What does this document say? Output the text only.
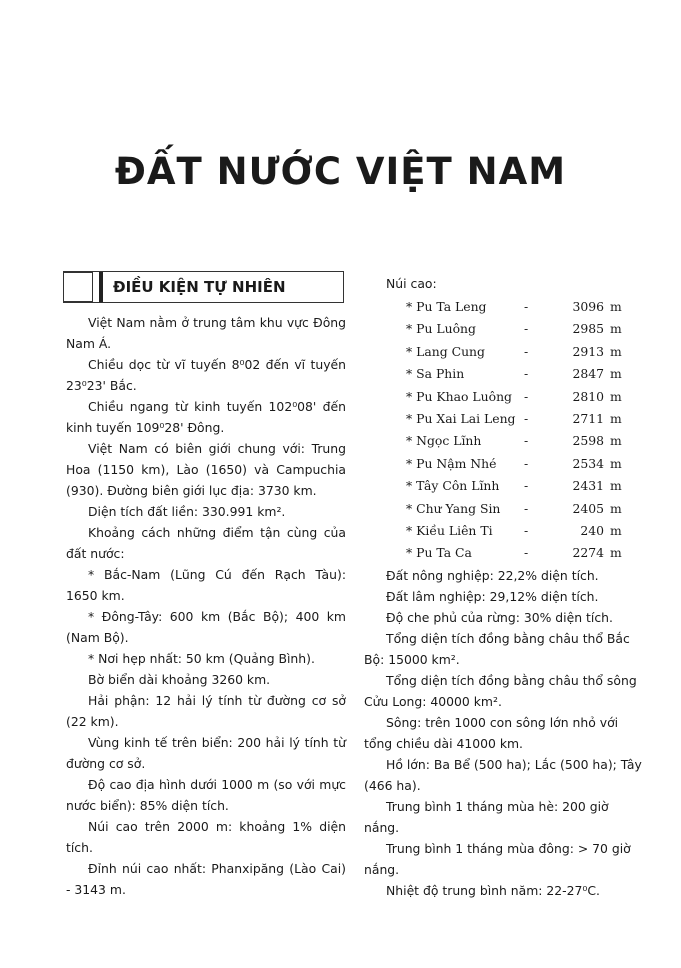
ĐẤT NƯỚC VIỆT NAM
ĐIỀU KIỆN TỰ NHIÊN

Việt Nam nằm ở trung tâm khu vực Đông Nam Á.

Chiều dọc từ vĩ tuyến 8⁰02 đến vĩ tuyến 23⁰23' Bắc.

Chiều ngang từ kinh tuyến 102⁰08' đến kinh tuyến 109⁰28' Đông.

Việt Nam có biên giới chung với: Trung Hoa (1150 km), Lào (1650) và Campuchia (930). Đường biên giới lục địa: 3730 km.

Diện tích đất liền: 330.991 km².

Khoảng cách những điểm tận cùng của đất nước:

* Bắc-Nam (Lũng Cú đến Rạch Tàu): 1650 km.

* Đông-Tây: 600 km (Bắc Bộ); 400 km (Nam Bộ).

* Nơi hẹp nhất: 50 km (Quảng Bình).

Bờ biển dài khoảng 3260 km.

Hải phận: 12 hải lý tính từ đường cơ sở (22 km).

Vùng kinh tế trên biển: 200 hải lý tính từ đường cơ sở.

Độ cao địa hình dưới 1000 m (so với mực nước biển): 85% diện tích.

Núi cao trên 2000 m: khoảng 1% diện tích.

Đỉnh núi cao nhất: Phanxipăng (Lào Cai) - 3143 m.

Núi cao:

* Pu Ta Leng	-	3096	m
* Pu Luông	-	2985	m
* Lang Cung	-	2913	m
* Sa Phin	-	2847	m
* Pu Khao Luông	-	2810	m
* Pu Xai Lai Leng	-	2711	m
* Ngọc Lĩnh	-	2598	m
* Pu Nậm Nhé	-	2534	m
* Tây Côn Lĩnh	-	2431	m
* Chư Yang Sin	-	2405	m
* Kiều Liên Ti	-	240	m
* Pu Ta Ca	-	2274	m

Đất nông nghiệp: 22,2% diện tích.

Đất lâm nghiệp: 29,12% diện tích.

Độ che phủ của rừng: 30% diện tích.

Tổng diện tích đồng bằng châu thổ Bắc Bộ: 15000 km².

Tổng diện tích đồng bằng châu thổ sông Cửu Long: 40000 km².

Sông: trên 1000 con sông lớn nhỏ với tổng chiều dài 41000 km.

Hồ lớn: Ba Bể (500 ha); Lắc (500 ha); Tây (466 ha).

Trung bình 1 tháng mùa hè: 200 giờ nắng.

Trung bình 1 tháng mùa đông: > 70 giờ nắng.

Nhiệt độ trung bình năm: 22-27⁰C.
